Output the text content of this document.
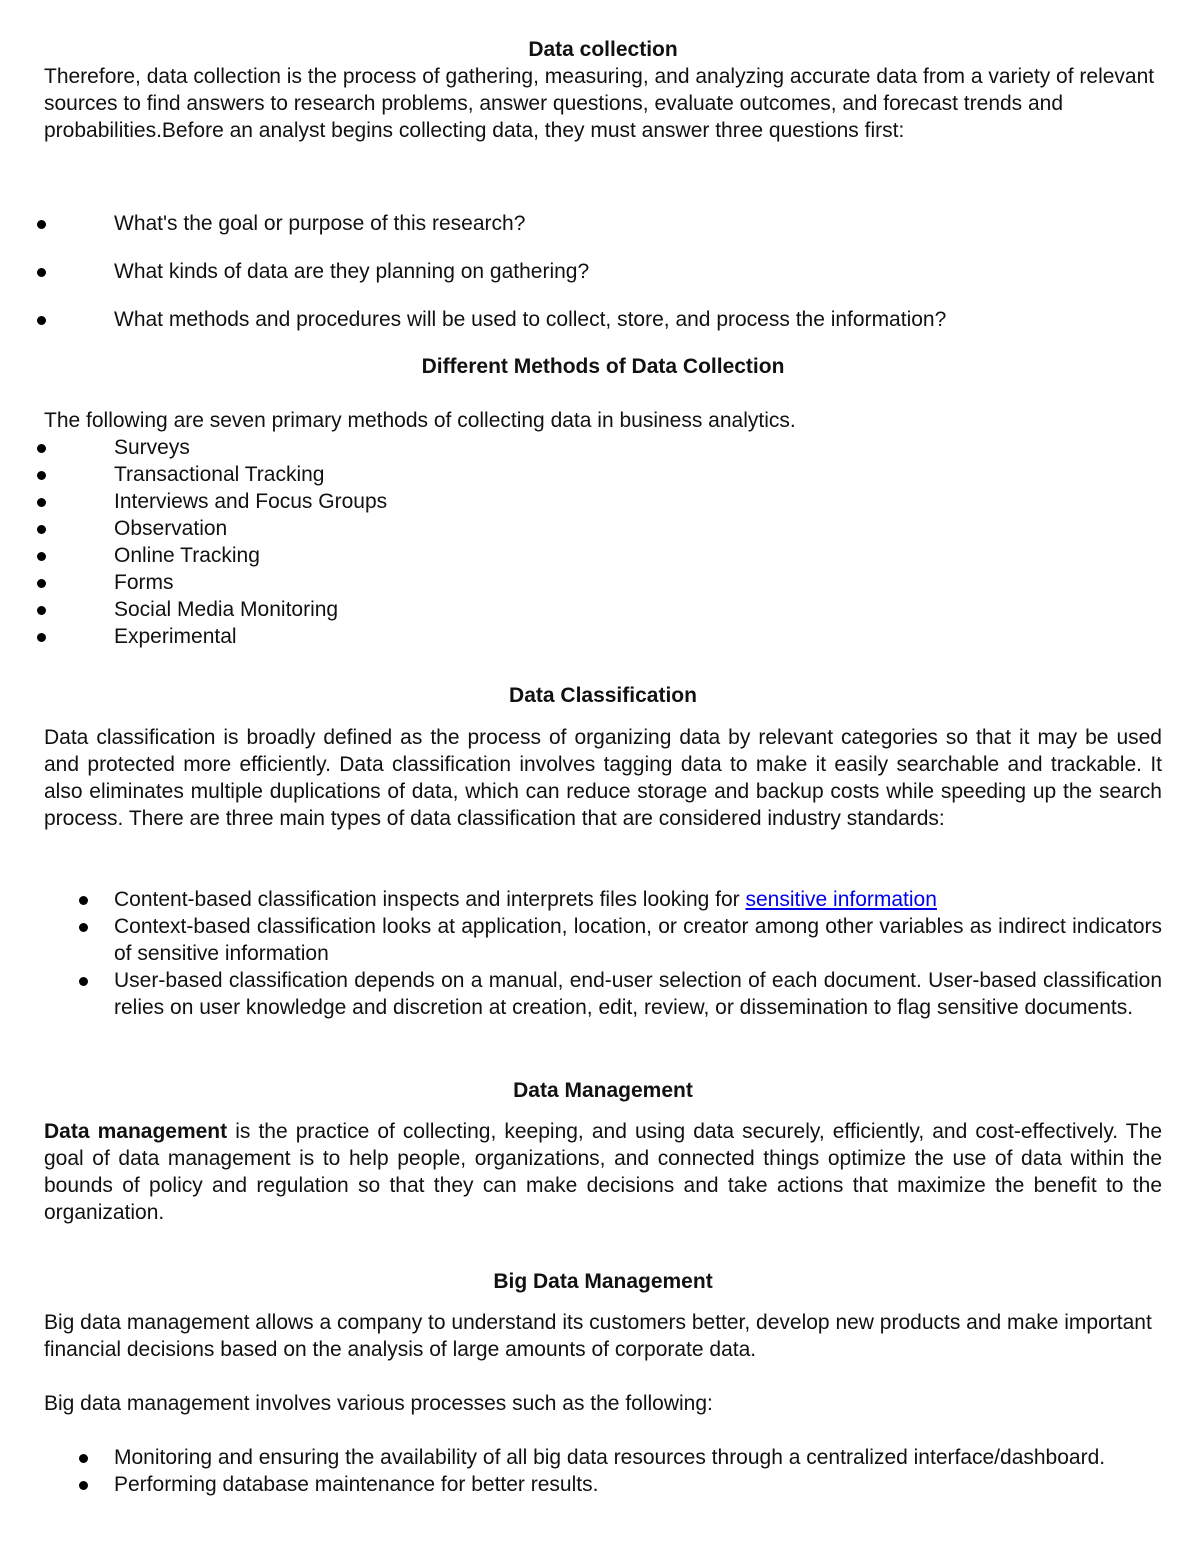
Data collection

Therefore, data collection is the process of gathering, measuring, and analyzing accurate data from a variety of relevant sources to find answers to research problems, answer questions, evaluate outcomes, and forecast trends and probabilities.Before an analyst begins collecting data, they must answer three questions first:

What's the goal or purpose of this research?
What kinds of data are they planning on gathering?
What methods and procedures will be used to collect, store, and process the information?
Different Methods of Data Collection

The following are seven primary methods of collecting data in business analytics.

Surveys
Transactional Tracking
Interviews and Focus Groups
Observation
Online Tracking
Forms
Social Media Monitoring
Experimental
Data Classification

Data classification is broadly defined as the process of organizing data by relevant categories so that it may be used and protected more efficiently. Data classification involves tagging data to make it easily searchable and trackable. It also eliminates multiple duplications of data, which can reduce storage and backup costs while speeding up the search process. There are three main types of data classification that are considered industry standards:

Content-based classification inspects and interprets files looking for sensitive information
Context-based classification looks at application, location, or creator among other variables as indirect indicators of sensitive information
User-based classification depends on a manual, end-user selection of each document. User-based classification relies on user knowledge and discretion at creation, edit, review, or dissemination to flag sensitive documents.
Data Management

Data management is the practice of collecting, keeping, and using data securely, efficiently, and cost-effectively. The goal of data management is to help people, organizations, and connected things optimize the use of data within the bounds of policy and regulation so that they can make decisions and take actions that maximize the benefit to the organization.

Big Data Management

Big data management allows a company to understand its customers better, develop new products and make important financial decisions based on the analysis of large amounts of corporate data.

Big data management involves various processes such as the following:

Monitoring and ensuring the availability of all big data resources through a centralized interface/dashboard.
Performing database maintenance for better results.
